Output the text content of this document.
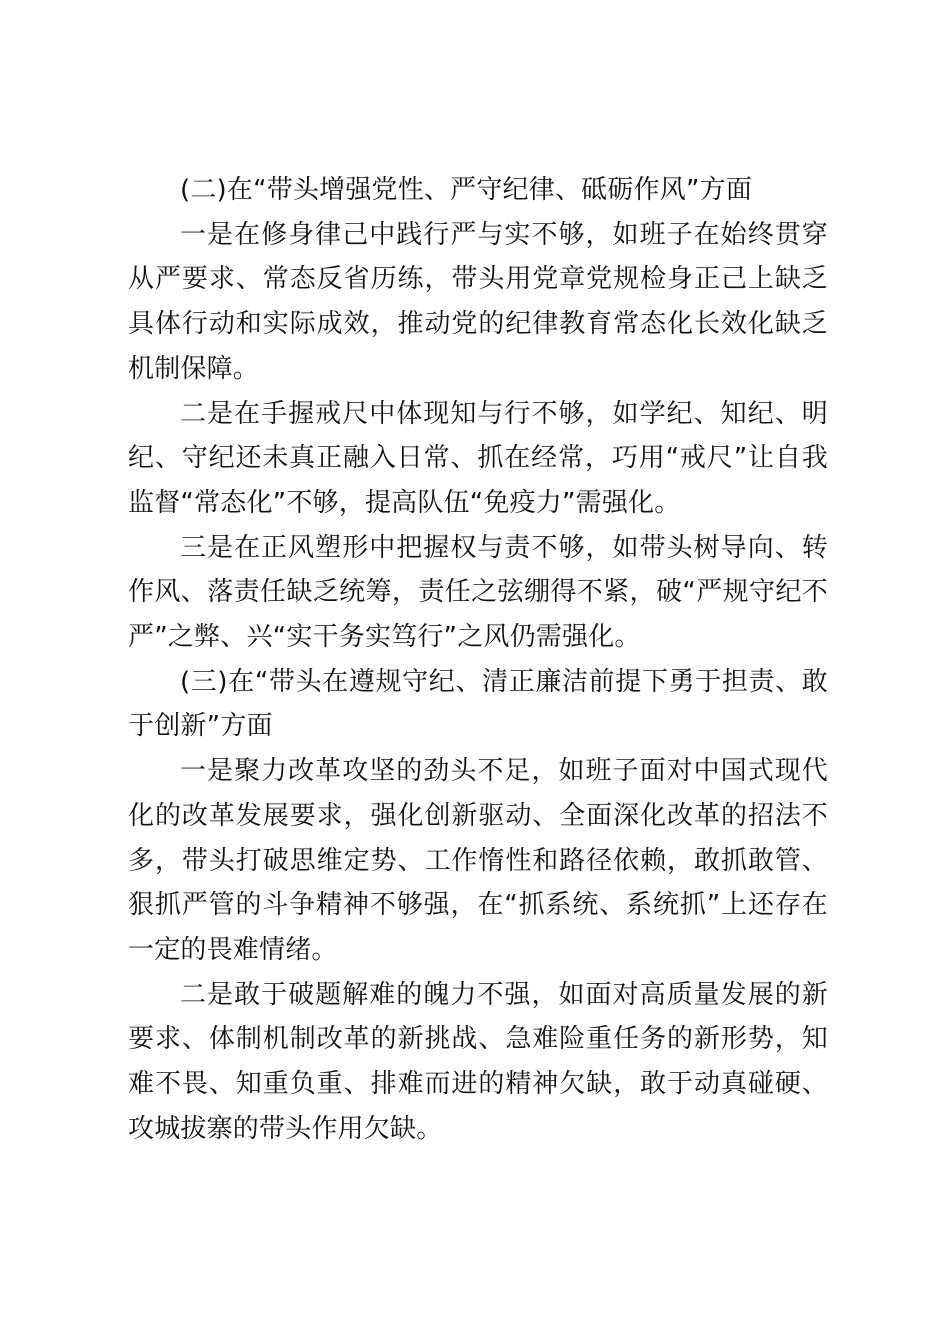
(二)在“带头增强党性、严守纪律、砥砺作风”方面

一是在修身律己中践行严与实不够，如班子在始终贯穿从严要求、常态反省历练，带头用党章党规检身正己上缺乏具体行动和实际成效，推动党的纪律教育常态化长效化缺乏机制保障。

二是在手握戒尺中体现知与行不够，如学纪、知纪、明纪、守纪还未真正融入日常、抓在经常，巧用“戒尺”让自我监督“常态化”不够，提高队伍“免疫力”需强化。

三是在正风塑形中把握权与责不够，如带头树导向、转作风、落责任缺乏统筹，责任之弦绷得不紧，破“严规守纪不严”之弊、兴“实干务实笃行”之风仍需强化。

(三)在“带头在遵规守纪、清正廉洁前提下勇于担责、敢于创新”方面

一是聚力改革攻坚的劲头不足，如班子面对中国式现代化的改革发展要求，强化创新驱动、全面深化改革的招法不多，带头打破思维定势、工作惰性和路径依赖，敢抓敢管、狠抓严管的斗争精神不够强，在“抓系统、系统抓”上还存在一定的畏难情绪。

二是敢于破题解难的魄力不强，如面对高质量发展的新要求、体制机制改革的新挑战、急难险重任务的新形势，知难不畏、知重负重、排难而进的精神欠缺，敢于动真碰硬、攻城拔寨的带头作用欠缺。
